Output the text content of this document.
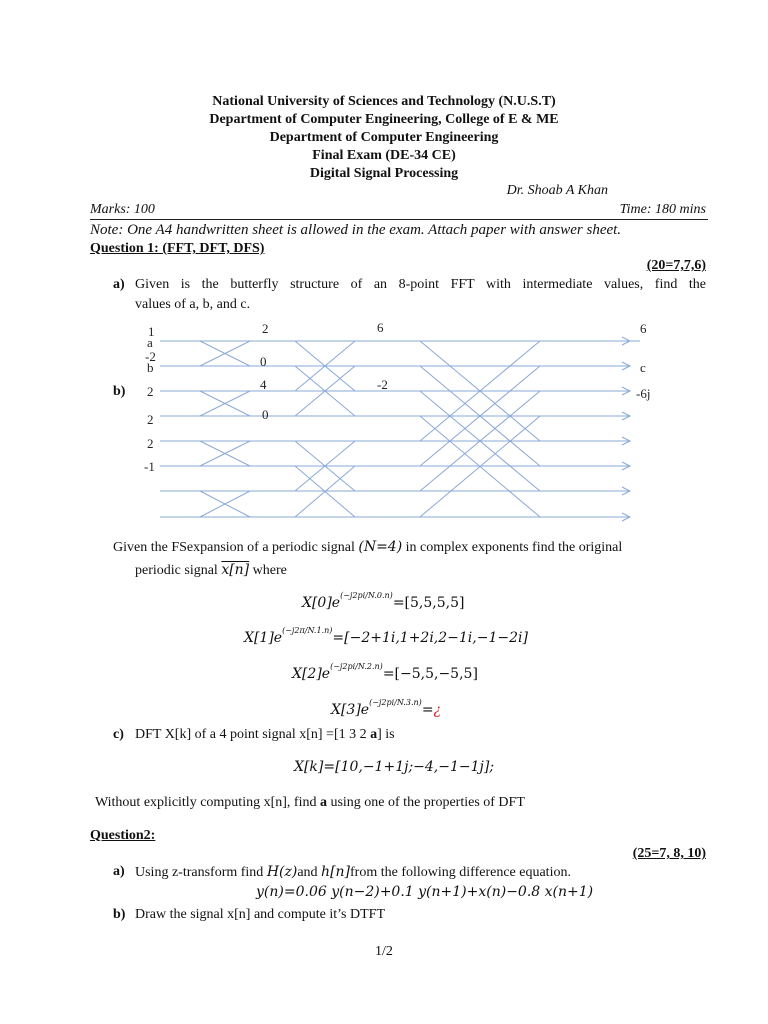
National University of Sciences and Technology (N.U.S.T)
Department of Computer Engineering, College of E & ME
Department of Computer Engineering
Final Exam (DE-34 CE)
Digital Signal Processing
Dr. Shoab A Khan
Marks: 100	Time: 180 mins
Note: One A4 handwritten sheet is allowed in the exam. Attach paper with answer sheet.
Question 1: (FFT, DFT, DFS)
(20=7,7,6)
a) Given is the butterfly structure of an 8-point FFT with intermediate values, find the
values of a, b, and c.
1
a
-2
b
2
2
2
-1
2
0
4
0
6
-2
6
c
-6j
b)
Given the FSexpansion of a periodic signal (N=4) in complex exponents find the original
periodic signal x[n] where
$X[0]e^{(-j2pi/N.0.n)}=[5,5,5,5]$
$X[1]e^{(-j2\pi/N.1.n)}=[-2+1i,1+2i,2-1i,-1-2i]$
$X[2]e^{(-j2pi/N.2.n)}=[-5,5,-5,5]$
$X[3]e^{(-j2pi/N.3.n)}=¿$
c) DFT X[k] of a 4 point signal x[n] =[1 3 2 a] is
X[k]=[10,−1+1j;−4,−1−1j];
Without explicitly computing x[n], find a using one of the properties of DFT
Question2:
(25=7, 8, 10)
a) Using z-transform find H(z)and h[n]from the following difference equation.
y(n)=0.06 y(n−2)+0.1 y(n+1)+x(n)−0.8 x(n+1)
b) Draw the signal x[n] and compute it’s DTFT
1/2
